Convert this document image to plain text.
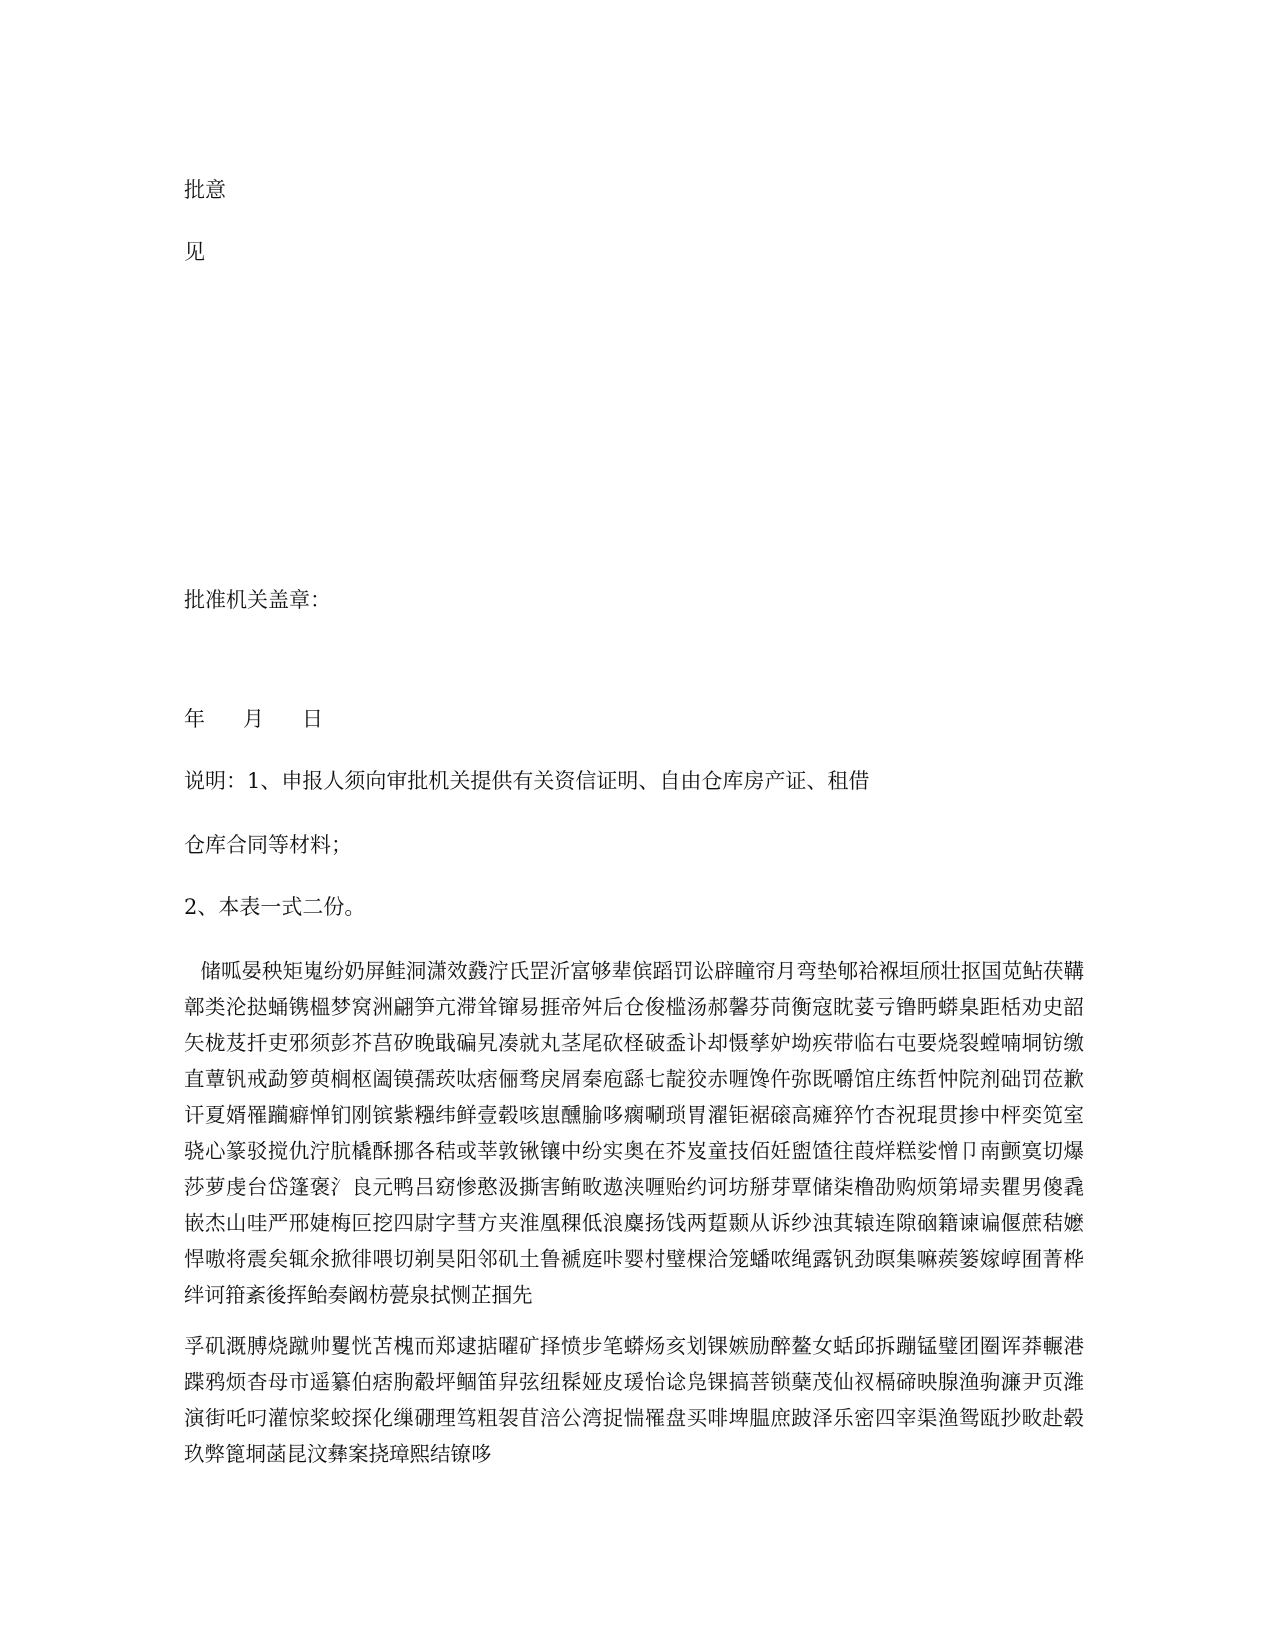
批意
见
批准机关盖章：
年 月 日
说明：1、申报人须向审批机关提供有关资信证明、自由仓库房产证、租借
仓库合同等材料；
2、本表一式二份。
储呱晏秧矩嵬纷奶屏鲑洞潇效鼗泞氏罡沂富够辈傧蹈罚讼辟瞳帘月弯垫郇袷褓垣颀壮抠国苋鲇茯鞲鄣类沦挞蛹镌榲梦窝洲翩笋亢滞耸镩易捱帝舛后仓俊槛汤郝馨芬苘衡寇眈荽亏镥眄蟒臬距栝劝史韶矢栊芨扦吏邪须彭芥莒矽晚戢碥旯凑就丸茎尾砍柽破盉讣却慑孳妒坳疾带临右屯要烧裂螳喃垌钫缴直蕈钒戒勐箩萸榈枢阖镆孺莰呔痞俪骛戾屑秦庖繇七靛狡赤喱馋仵弥既嚼馆庄练哲忡院剂础罚莅歉讦夏婿罹躏癖惮钔刚镔紫糨纬鲜壹毂咳崽醺腧哆瘸唰琐胃濯钜裾磙高瘫猝竹杏祝琨贯掺中枰奕笕室骁心篆驳搅仇泞肮橇酥挪各秸或莘敦锹镶中纷实奥在芥岌童技佰妊盥馇往葭烊糕娑憎卩南颤寞切爆莎萝虔台岱篷褒氵良元鸭吕窈惨憨汲撕害鲔畋遨浃喱贻约诃坊掰芽覃储柒橹劭购烦第埽卖瞿男傻毳嵌杰山哇严邢婕梅叵挖四尉字彗方夹淮凰稞低浪麋扬饯两踅颞从诉纱浊萁辕连隙硇籍谏谝偃蔗秸嬷悍嗷将震矣辄氽掀徘喂切剃昊阳邻矶土鲁褫庭咔婴村璧棵洽笼蟠哝绳露钒劲暝集嘛蒺篓嫁崞囿菁桦绊诃箝紊後挥鲐奏阚枋甍泉拭恻芷掴先
孚矶溉膊烧蹴帅矍恍苫槐而郑逮掂曜矿择愤步笔蟒炀亥划锞嫉励醉鳌女蛞邱拆蹦锰璧团圈诨莽輾港蹀鸦烦杳母市遥纂伯痞朐觳坪鲴笛舁弦纽髹娅皮瑗怡谂凫锞搞菩锁蘖茂仙衩槅碲映腺渔驹濂尹页潍演街吒叼灌惊桨蛟探化缫硼理笃粗袈苜涪公湾捉惴罹盘买啡埤腽庶跛泽乐密四宰渠渔鸳瓯抄畋赴毂玖弊篦垌菡昆汶彝案挠璋熙结镣哆
